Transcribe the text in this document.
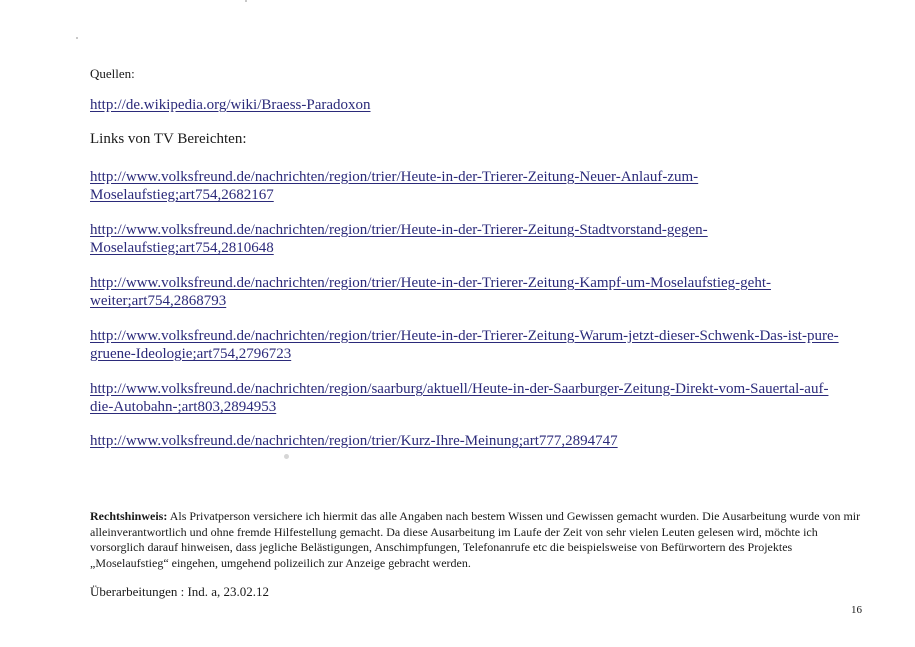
Quellen:
http://de.wikipedia.org/wiki/Braess-Paradoxon
Links von TV Bereichten:
http://www.volksfreund.de/nachrichten/region/trier/Heute-in-der-Trierer-Zeitung-Neuer-Anlauf-zum-
Moselaufstieg;art754,2682167
http://www.volksfreund.de/nachrichten/region/trier/Heute-in-der-Trierer-Zeitung-Stadtvorstand-gegen-
Moselaufstieg;art754,2810648
http://www.volksfreund.de/nachrichten/region/trier/Heute-in-der-Trierer-Zeitung-Kampf-um-Moselaufstieg-geht-
weiter;art754,2868793
http://www.volksfreund.de/nachrichten/region/trier/Heute-in-der-Trierer-Zeitung-Warum-jetzt-dieser-Schwenk-Das-ist-pure-
gruene-Ideologie;art754,2796723
http://www.volksfreund.de/nachrichten/region/saarburg/aktuell/Heute-in-der-Saarburger-Zeitung-Direkt-vom-Sauertal-auf-
die-Autobahn-;art803,2894953
http://www.volksfreund.de/nachrichten/region/trier/Kurz-Ihre-Meinung;art777,2894747
Rechtshinweis: Als Privatperson versichere ich hiermit das alle Angaben nach bestem Wissen und Gewissen gemacht wurden. Die Ausarbeitung wurde von mir alleinverantwortlich und ohne fremde Hilfestellung gemacht. Da diese Ausarbeitung im Laufe der Zeit von sehr vielen Leuten gelesen wird, möchte ich vorsorglich darauf hinweisen, dass jegliche Belästigungen, Anschimpfungen, Telefonanrufe etc die beispielsweise von Befürwortern des Projektes „Moselaufstieg“ eingehen, umgehend polizeilich zur Anzeige gebracht werden.
Überarbeitungen : Ind. a, 23.02.12
16
